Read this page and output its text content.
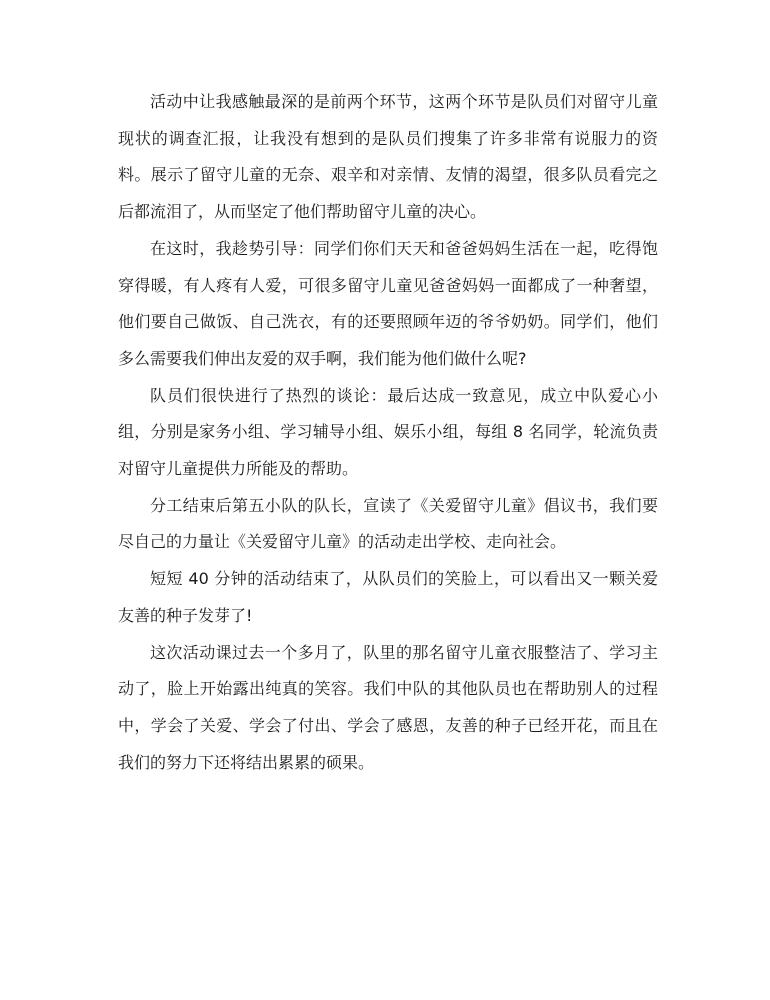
活动中让我感触最深的是前两个环节，这两个环节是队员们对留守儿童现状的调查汇报，让我没有想到的是队员们搜集了许多非常有说服力的资料。展示了留守儿童的无奈、艰辛和对亲情、友情的渴望，很多队员看完之后都流泪了，从而坚定了他们帮助留守儿童的决心。

在这时，我趁势引导：同学们你们天天和爸爸妈妈生活在一起，吃得饱穿得暖，有人疼有人爱，可很多留守儿童见爸爸妈妈一面都成了一种奢望，他们要自己做饭、自己洗衣，有的还要照顾年迈的爷爷奶奶。同学们，他们多么需要我们伸出友爱的双手啊，我们能为他们做什么呢?

队员们很快进行了热烈的谈论：最后达成一致意见，成立中队爱心小组，分别是家务小组、学习辅导小组、娱乐小组，每组 8 名同学，轮流负责对留守儿童提供力所能及的帮助。

分工结束后第五小队的队长，宣读了《关爱留守儿童》倡议书，我们要尽自己的力量让《关爱留守儿童》的活动走出学校、走向社会。

短短 40 分钟的活动结束了，从队员们的笑脸上，可以看出又一颗关爱友善的种子发芽了!

这次活动课过去一个多月了，队里的那名留守儿童衣服整洁了、学习主动了，脸上开始露出纯真的笑容。我们中队的其他队员也在帮助别人的过程中，学会了关爱、学会了付出、学会了感恩，友善的种子已经开花，而且在我们的努力下还将结出累累的硕果。
